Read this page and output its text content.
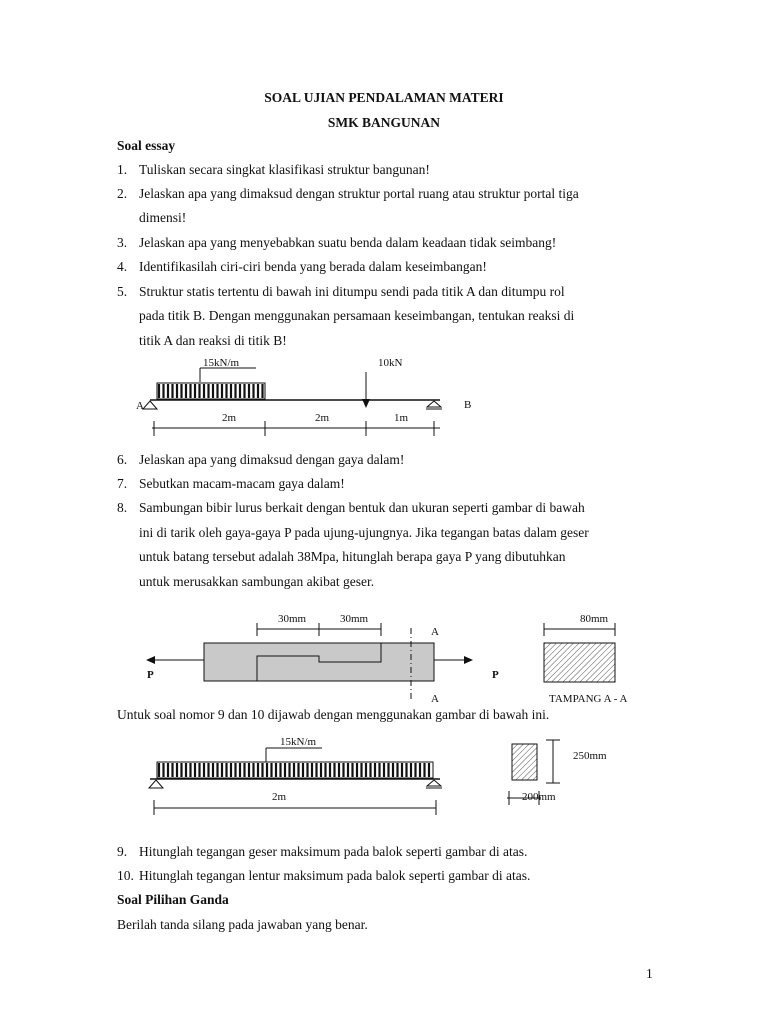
SOAL UJIAN PENDALAMAN MATERI
SMK BANGUNAN
Soal essay
1. Tuliskan secara singkat klasifikasi struktur bangunan!
2. Jelaskan apa yang dimaksud dengan struktur portal ruang atau struktur portal tiga
dimensi!
3. Jelaskan apa yang menyebabkan suatu benda dalam keadaan tidak seimbang!
4. Identifikasilah ciri-ciri benda yang berada dalam keseimbangan!
5. Struktur statis tertentu di bawah ini ditumpu sendi pada titik A dan ditumpu rol
pada titik B. Dengan menggunakan persamaan keseimbangan, tentukan reaksi di
titik A dan reaksi di titik B!
15kN/m	10kN
A	B
2m	2m	1m
6. Jelaskan apa yang dimaksud dengan gaya dalam!
7. Sebutkan macam-macam gaya dalam!
8. Sambungan bibir lurus berkait dengan bentuk dan ukuran seperti gambar di bawah
ini di tarik oleh gaya-gaya P pada ujung-ujungnya. Jika tegangan batas dalam geser
untuk batang tersebut adalah 38Mpa, hitunglah berapa gaya P yang dibutuhkan
untuk merusakkan sambungan akibat geser.
30mm	30mm
A
A
P	P
80mm
TAMPANG A - A
Untuk soal nomor 9 dan 10 dijawab dengan menggunakan gambar di bawah ini.
15kN/m
2m
250mm
200mm
9. Hitunglah tegangan geser maksimum pada balok seperti gambar di atas.
10. Hitunglah tegangan lentur maksimum pada balok seperti gambar di atas.
Soal Pilihan Ganda
Berilah tanda silang pada jawaban yang benar.
1
